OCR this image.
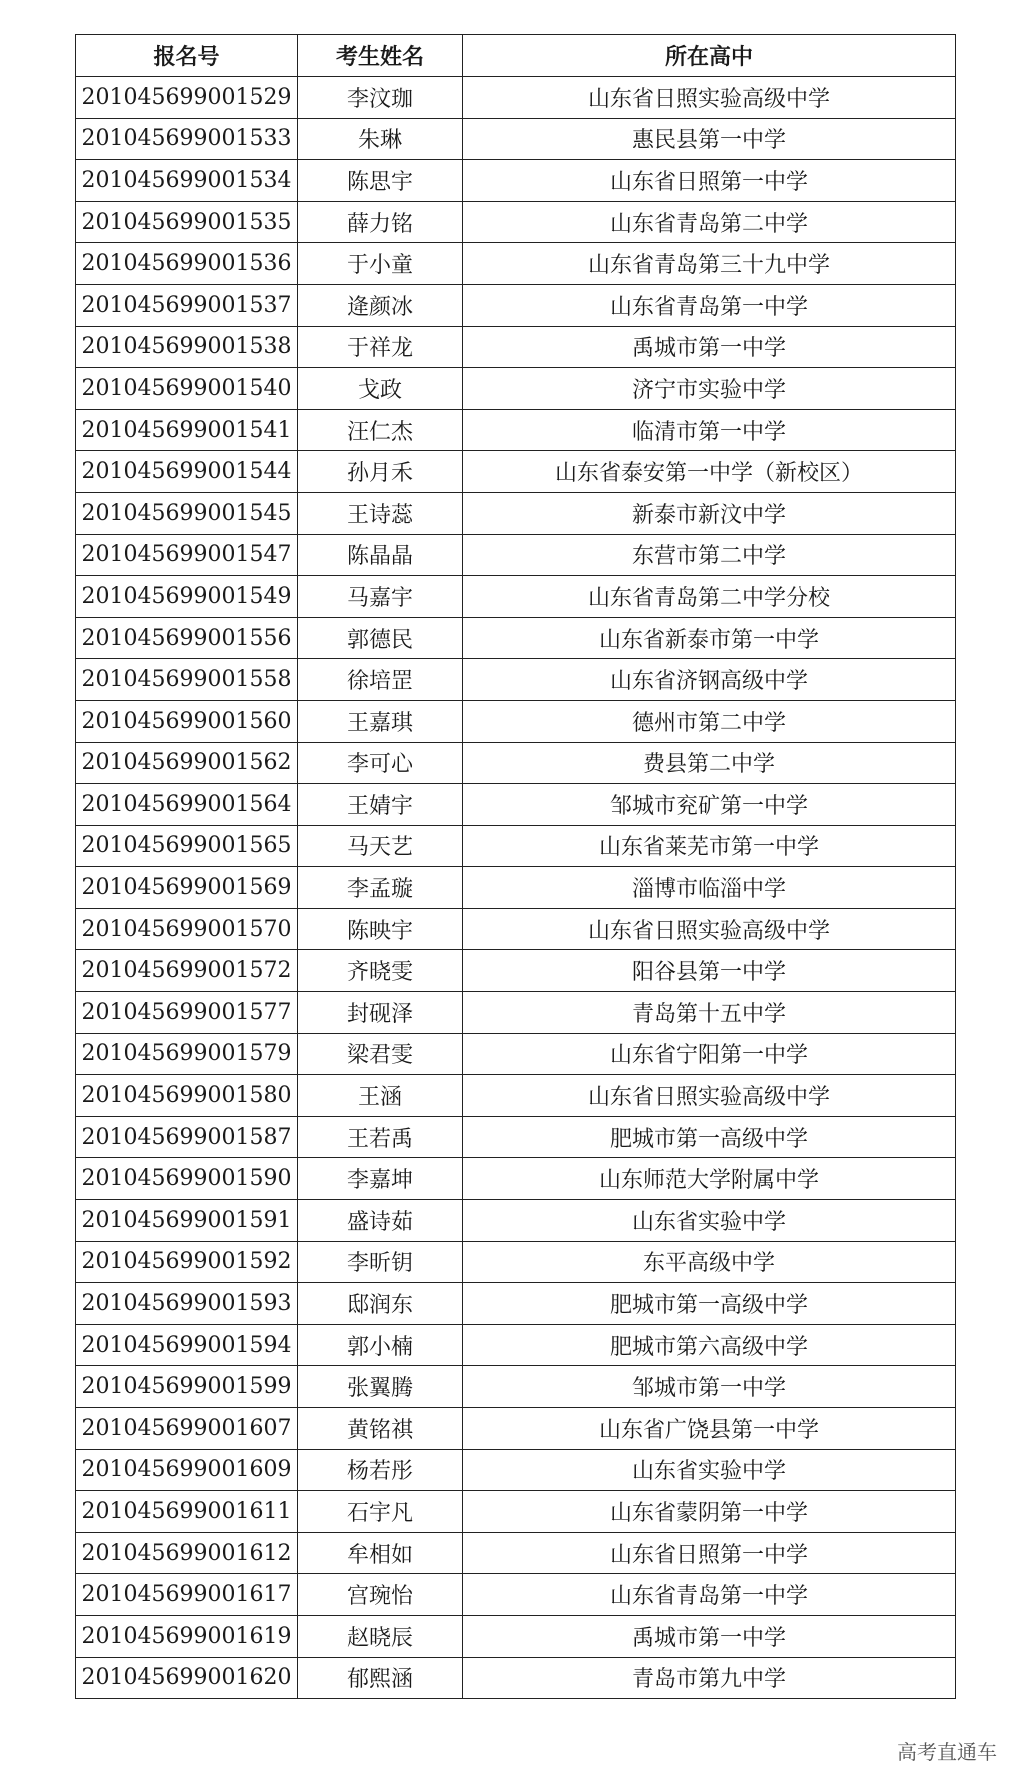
报名号	考生姓名	所在高中
201045699001529	李汶珈	山东省日照实验高级中学
201045699001533	朱琳	惠民县第一中学
201045699001534	陈思宇	山东省日照第一中学
201045699001535	薛力铭	山东省青岛第二中学
201045699001536	于小童	山东省青岛第三十九中学
201045699001537	逄颜冰	山东省青岛第一中学
201045699001538	于祥龙	禹城市第一中学
201045699001540	戈政	济宁市实验中学
201045699001541	汪仁杰	临清市第一中学
201045699001544	孙月禾	山东省泰安第一中学（新校区）
201045699001545	王诗蕊	新泰市新汶中学
201045699001547	陈晶晶	东营市第二中学
201045699001549	马嘉宇	山东省青岛第二中学分校
201045699001556	郭德民	山东省新泰市第一中学
201045699001558	徐培罡	山东省济钢高级中学
201045699001560	王嘉琪	德州市第二中学
201045699001562	李可心	费县第二中学
201045699001564	王婧宇	邹城市兖矿第一中学
201045699001565	马天艺	山东省莱芜市第一中学
201045699001569	李孟璇	淄博市临淄中学
201045699001570	陈映宇	山东省日照实验高级中学
201045699001572	齐晓雯	阳谷县第一中学
201045699001577	封砚泽	青岛第十五中学
201045699001579	梁君雯	山东省宁阳第一中学
201045699001580	王涵	山东省日照实验高级中学
201045699001587	王若禹	肥城市第一高级中学
201045699001590	李嘉坤	山东师范大学附属中学
201045699001591	盛诗茹	山东省实验中学
201045699001592	李昕钥	东平高级中学
201045699001593	邸润东	肥城市第一高级中学
201045699001594	郭小楠	肥城市第六高级中学
201045699001599	张翼腾	邹城市第一中学
201045699001607	黄铭祺	山东省广饶县第一中学
201045699001609	杨若彤	山东省实验中学
201045699001611	石宇凡	山东省蒙阴第一中学
201045699001612	牟相如	山东省日照第一中学
201045699001617	宫琬怡	山东省青岛第一中学
201045699001619	赵晓辰	禹城市第一中学
201045699001620	郁熙涵	青岛市第九中学
高考直通车
